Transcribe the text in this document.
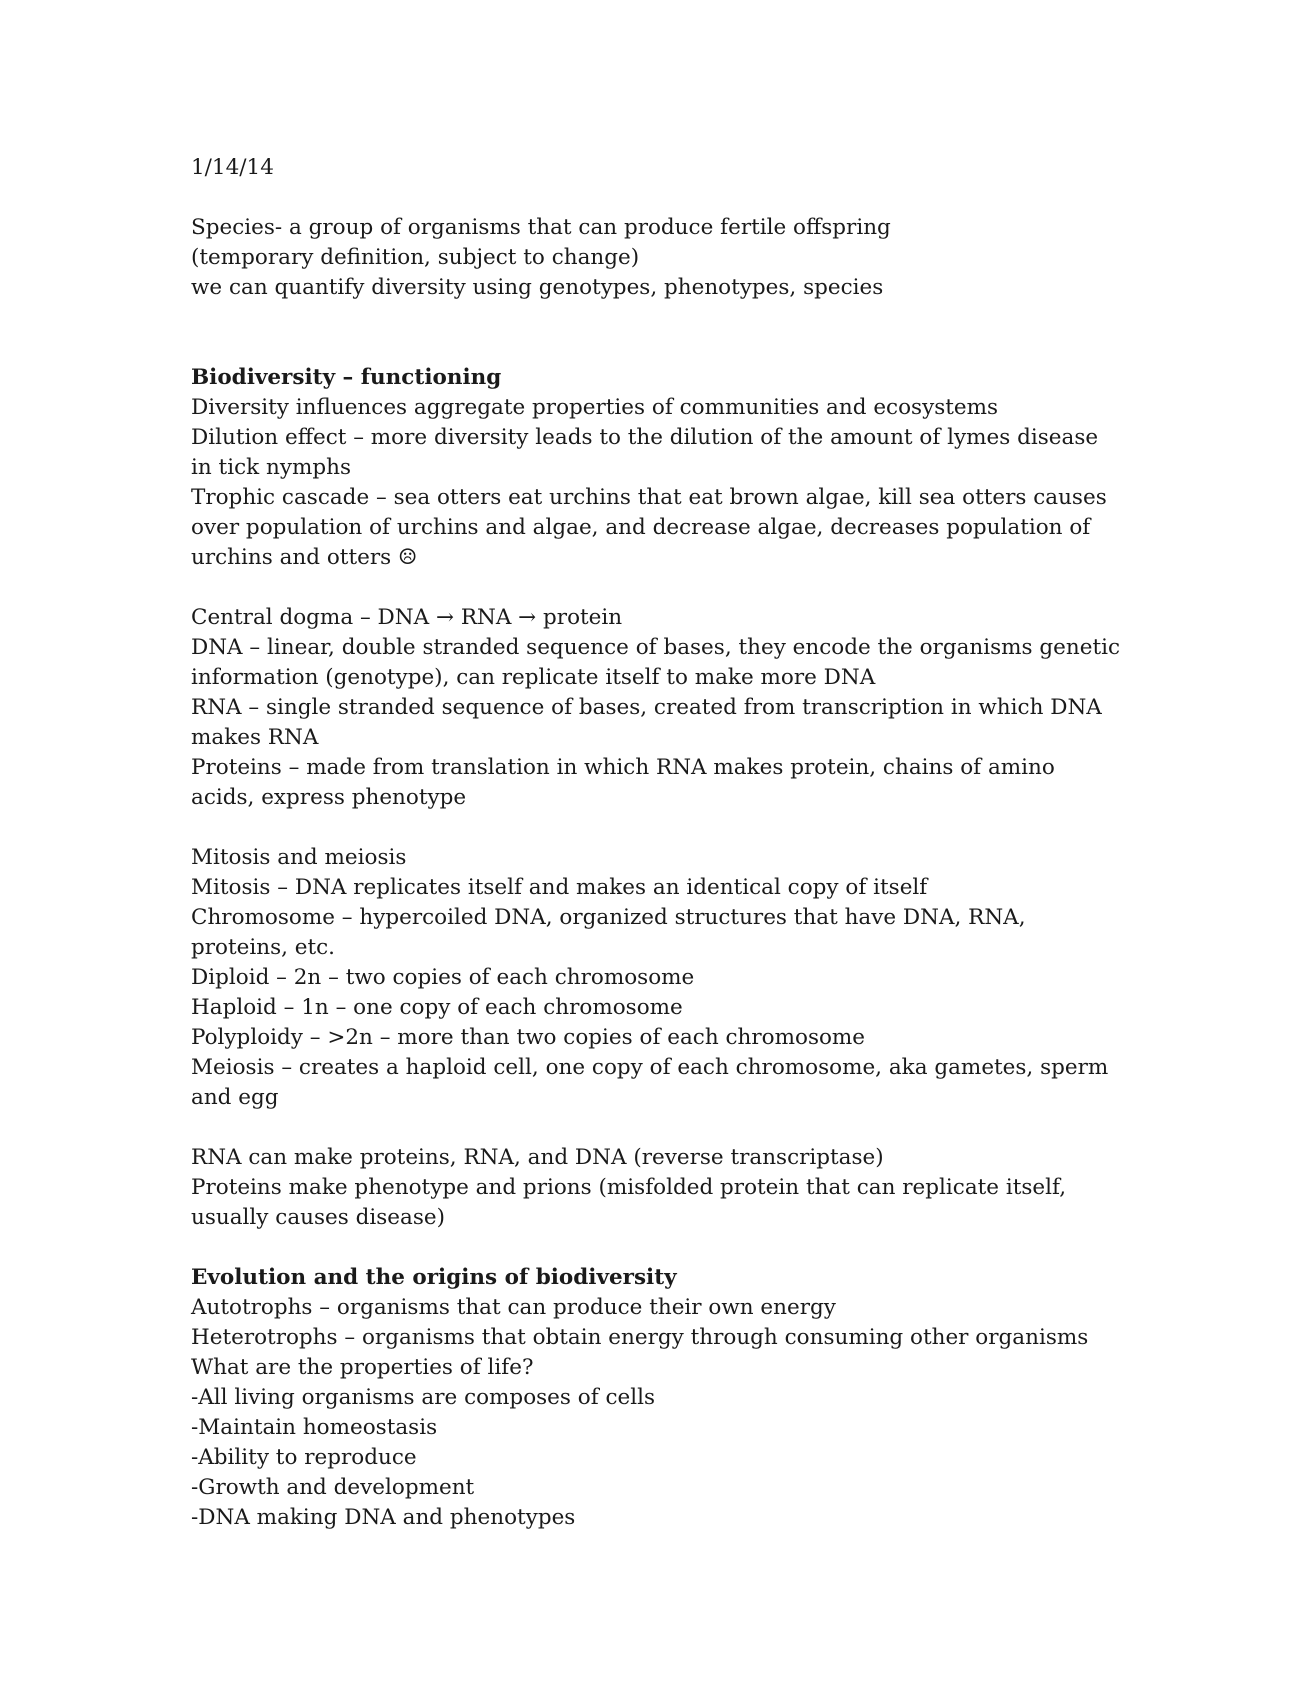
1/14/14

Species- a group of organisms that can produce fertile offspring

(temporary definition, subject to change)

we can quantify diversity using genotypes, phenotypes, species

Biodiversity – functioning

Diversity influences aggregate properties of communities and ecosystems

Dilution effect – more diversity leads to the dilution of the amount of lymes disease

in tick nymphs

Trophic cascade – sea otters eat urchins that eat brown algae, kill sea otters causes

over population of urchins and algae, and decrease algae, decreases population of

urchins and otters ☹

Central dogma – DNA → RNA → protein

DNA – linear, double stranded sequence of bases, they encode the organisms genetic

information (genotype), can replicate itself to make more DNA

RNA – single stranded sequence of bases, created from transcription in which DNA

makes RNA

Proteins – made from translation in which RNA makes protein, chains of amino

acids, express phenotype

Mitosis and meiosis

Mitosis – DNA replicates itself and makes an identical copy of itself

Chromosome – hypercoiled DNA, organized structures that have DNA, RNA,

proteins, etc.

Diploid – 2n – two copies of each chromosome

Haploid – 1n – one copy of each chromosome

Polyploidy – >2n – more than two copies of each chromosome

Meiosis – creates a haploid cell, one copy of each chromosome, aka gametes, sperm

and egg

RNA can make proteins, RNA, and DNA (reverse transcriptase)

Proteins make phenotype and prions (misfolded protein that can replicate itself,

usually causes disease)

Evolution and the origins of biodiversity

Autotrophs – organisms that can produce their own energy

Heterotrophs – organisms that obtain energy through consuming other organisms

What are the properties of life?

-All living organisms are composes of cells

-Maintain homeostasis

-Ability to reproduce

-Growth and development

-DNA making DNA and phenotypes
